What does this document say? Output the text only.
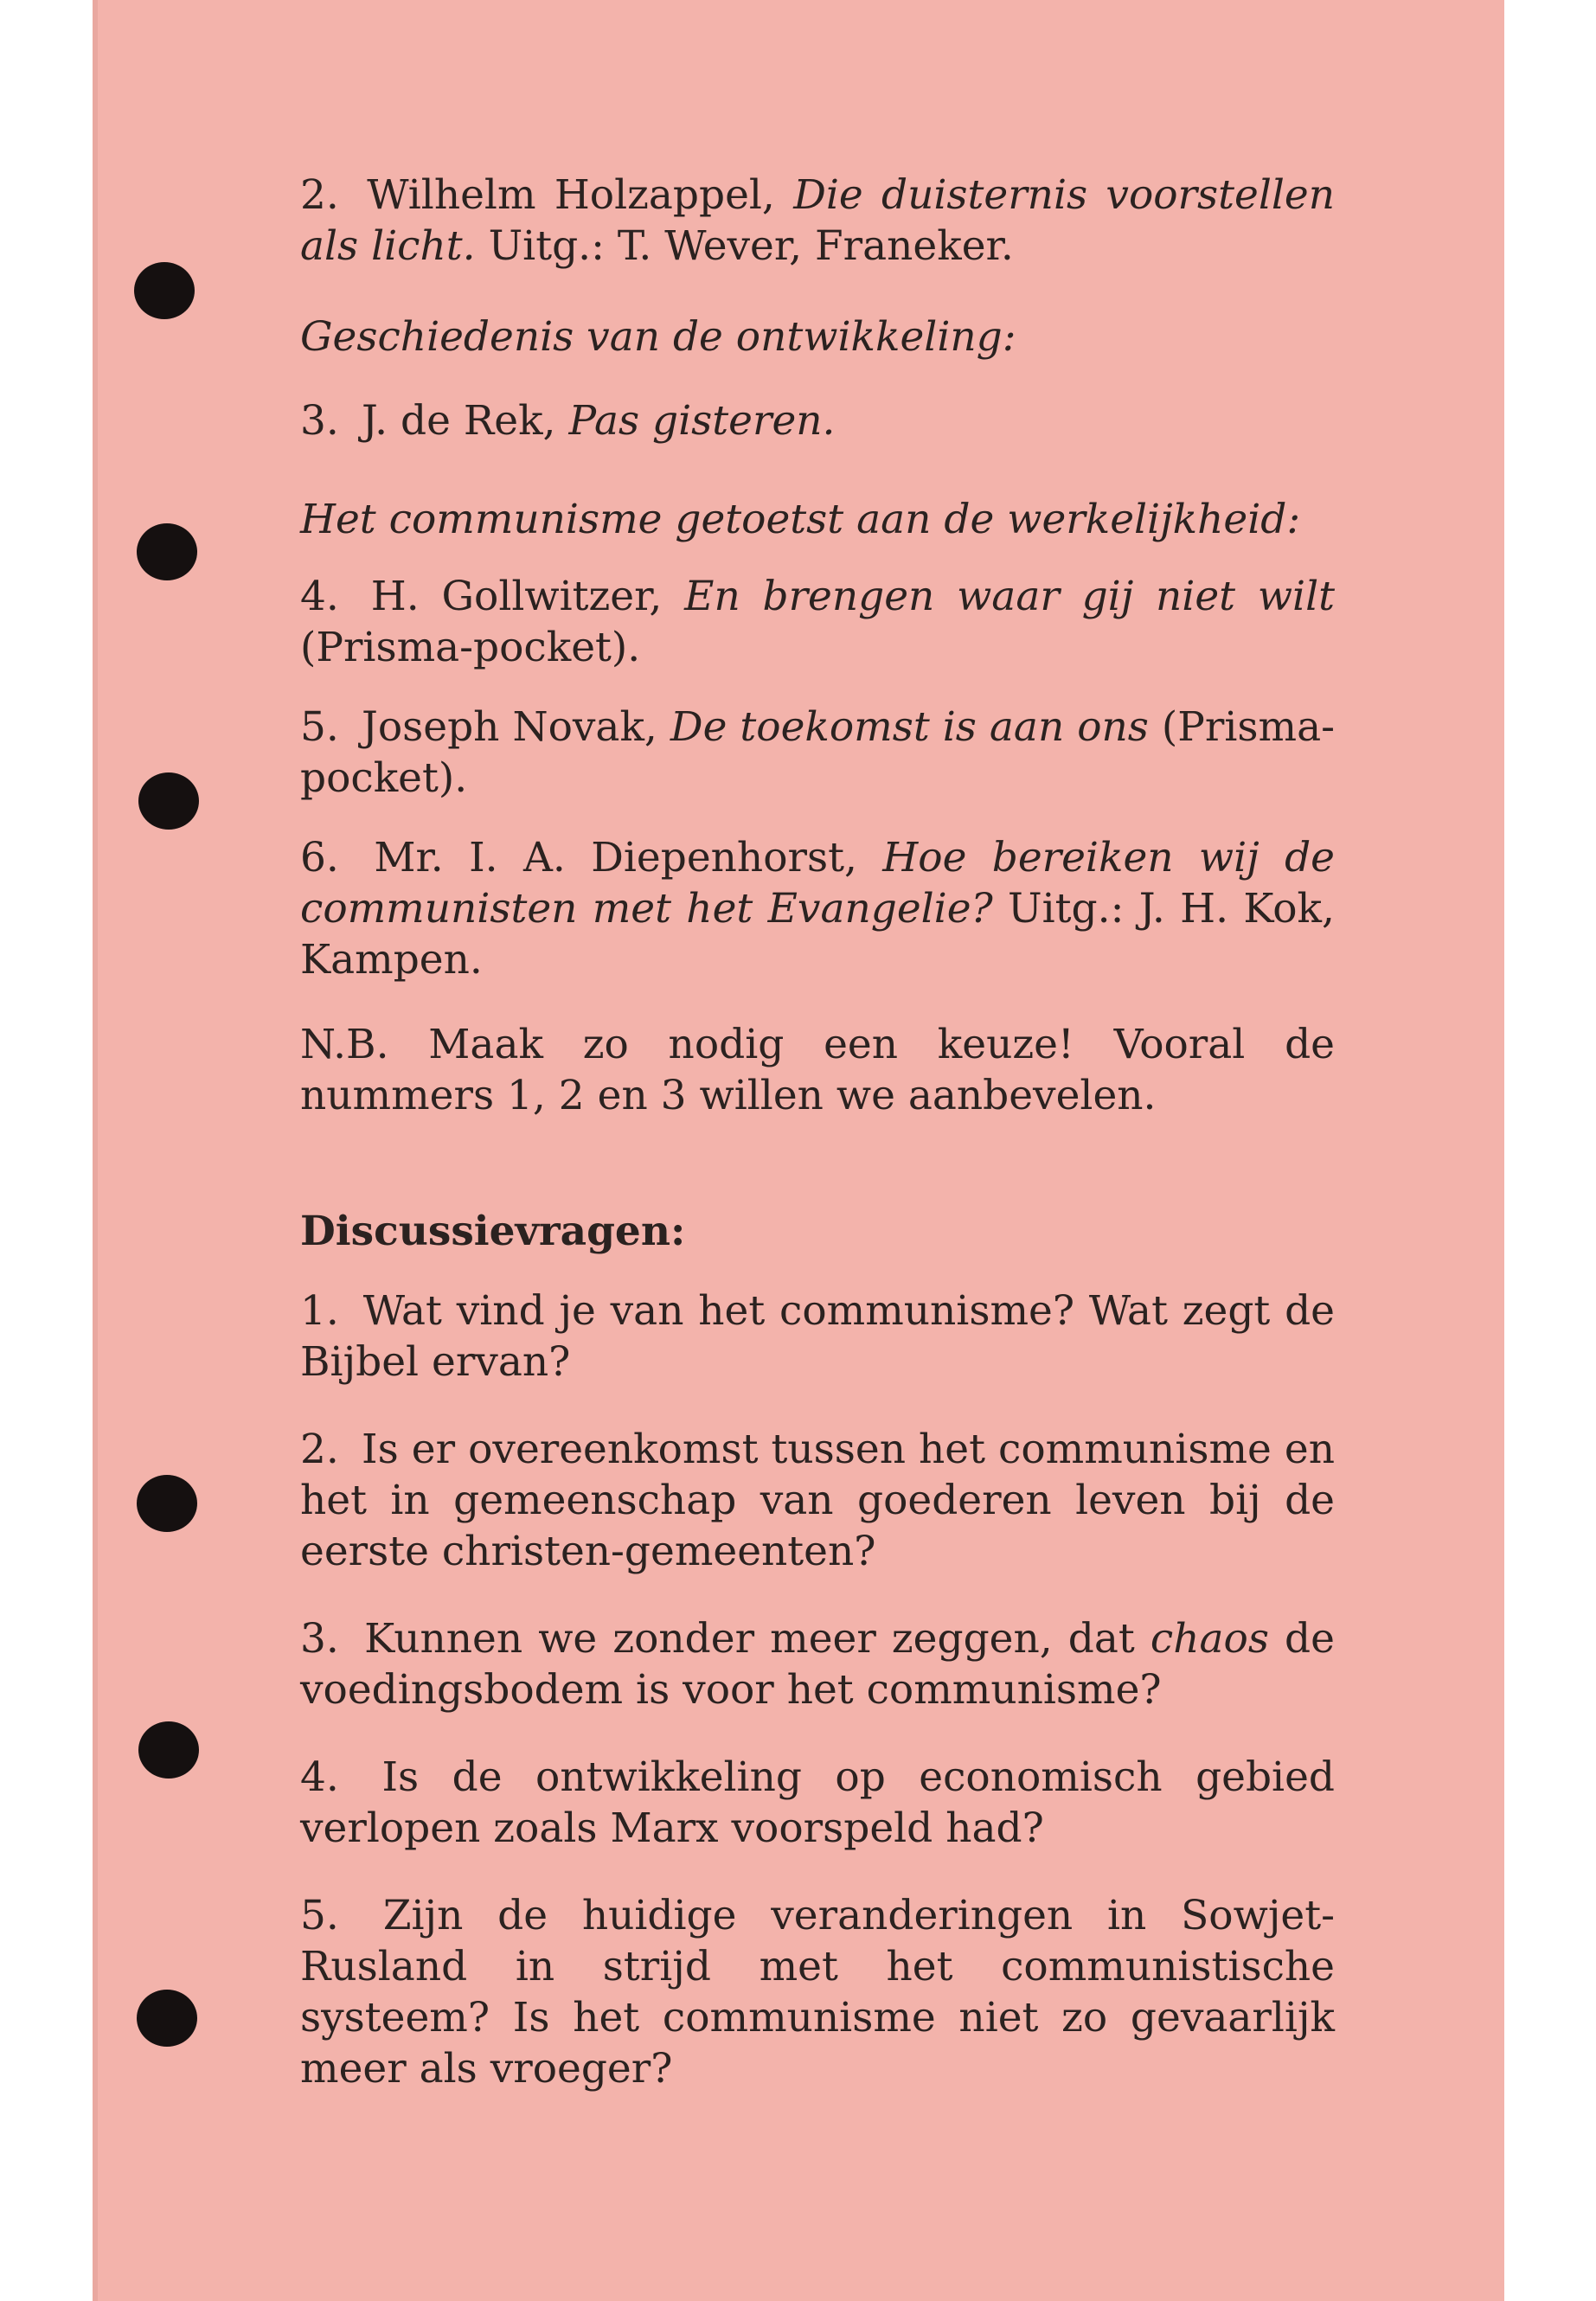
2. Wilhelm Holzappel, Die duisternis voorstellen als licht. Uitg.: T. Wever, Franeker.

Geschiedenis van de ontwikkeling:

3. J. de Rek, Pas gisteren.

Het communisme getoetst aan de werkelijkheid:

4. H. Gollwitzer, En brengen waar gij niet wilt (Prisma-pocket).

5. Joseph Novak, De toekomst is aan ons (Prisma-pocket).

6. Mr. I. A. Diepenhorst, Hoe bereiken wij de communisten met het Evangelie? Uitg.: J. H. Kok, Kampen.

N.B. Maak zo nodig een keuze! Vooral de nummers 1, 2 en 3 willen we aanbevelen.

Discussievragen:

1. Wat vind je van het communisme? Wat zegt de Bijbel ervan?

2. Is er overeenkomst tussen het communisme en het in gemeenschap van goederen leven bij de eerste christen-gemeenten?

3. Kunnen we zonder meer zeggen, dat chaos de voedingsbodem is voor het communisme?

4. Is de ontwikkeling op economisch gebied verlopen zoals Marx voorspeld had?

5. Zijn de huidige veranderingen in Sowjet-Rusland in strijd met het communistische systeem? Is het communisme niet zo gevaarlijk meer als vroeger?
